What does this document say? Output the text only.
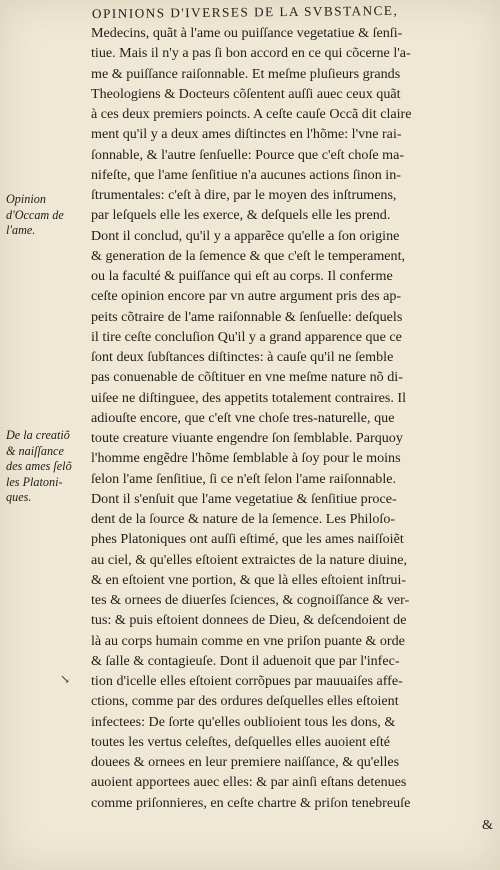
OPINIONS D'IVERSES DE LA SVBSTANCE,
Opinion
d'Occam de
l'ame.
De la creatiõ
& naiſſance
des ames ſelõ
les Platoni-
ques.
↘
Medecins, quãt à l'ame ou puiſſance vegetatiue & ſenſi-
tiue. Mais il n'y a pas ſi bon accord en ce qui cõcerne l'a-
me & puiſſance raiſonnable. Et meſme pluſieurs grands
Theologiens & Docteurs cõſentent auſſi auec ceux quãt
à ces deux premiers poincts. A ceſte cauſe Occã dit claire
ment qu'il y a deux ames diſtinctes en l'hõme: l'vne rai-
ſonnable, & l'autre ſenſuelle: Pource que c'eſt choſe ma-
nifeſte, que l'ame ſenſitiue n'a aucunes actions ſinon in-
ſtrumentales: c'eſt à dire, par le moyen des inſtrumens,
par leſquels elle les exerce, & deſquels elle les prend.
Dont il conclud, qu'il y a apparẽce qu'elle a ſon origine
& generation de la ſemence & que c'eſt le temperament,
ou la faculté & puiſſance qui eſt au corps. Il conferme
ceſte opinion encore par vn autre argument pris des ap-
peits cõtraire de l'ame raiſonnable & ſenſuelle: deſquels
il tire ceſte concluſion Qu'il y a grand apparence que ce
ſont deux ſubſtances diſtinctes: à cauſe qu'il ne ſemble
pas conuenable de cõſtituer en vne meſme nature nõ di-
uiſee ne diſtinguee, des appetits totalement contraires. Il
adiouſte encore, que c'eſt vne choſe tres-naturelle, que
toute creature viuante engendre ſon ſemblable. Parquoy
l'homme engẽdre l'hõme ſemblable à ſoy pour le moins
ſelon l'ame ſenſitiue, ſi ce n'eſt ſelon l'ame raiſonnable.
Dont il s'enſuit que l'ame vegetatiue & ſenſitiue proce-
dent de la ſource & nature de la ſemence. Les Philoſo-
phes Platoniques ont auſſi eſtimé, que les ames naiſſoiẽt
au ciel, & qu'elles eſtoient extraictes de la nature diuine,
& en eſtoient vne portion, & que là elles eſtoient inſtrui-
tes & ornees de diuerſes ſciences, & cognoiſſance & ver-
tus: & puis eſtoient donnees de Dieu, & deſcendoient de
là au corps humain comme en vne priſon puante & orde
& ſalle & contagieuſe. Dont il aduenoit que par l'infec-
tion d'icelle elles eſtoient corrõpues par mauuaiſes affe-
ctions, comme par des ordures deſquelles elles eſtoient
infectees: De ſorte qu'elles oublioient tous les dons, &
toutes les vertus celeſtes, deſquelles elles auoient eſté
douees & ornees en leur premiere naiſſance, & qu'elles
auoient apportees auec elles: & par ainſi eſtans detenues
comme priſonnieres, en ceſte chartre & priſon tenebreuſe
&
